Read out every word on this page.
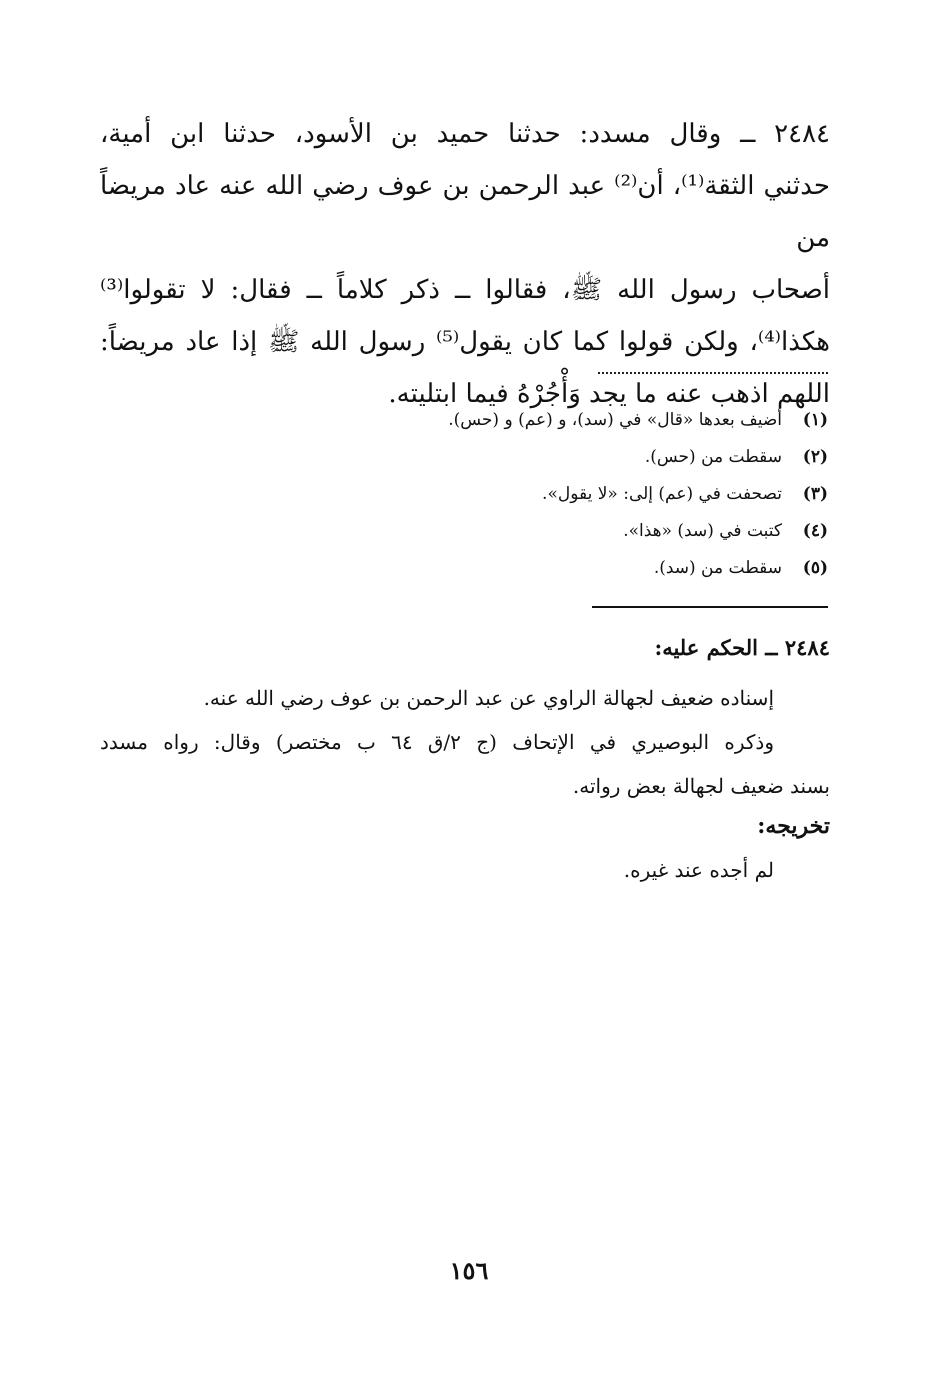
٢٤٨٤ ــ وقال مسدد: حدثنا حميد بن الأسود، حدثنا ابن أمية،
حدثني الثقة⁽¹⁾، أن⁽²⁾ عبد الرحمن بن عوف رضي الله عنه عاد مريضاً من
أصحاب رسول الله ﷺ، فقالوا ــ ذكر كلاماً ــ فقال: لا تقولوا⁽³⁾
هكذا⁽⁴⁾، ولكن قولوا كما كان يقول⁽⁵⁾ رسول الله ﷺ إذا عاد مريضاً:
اللهم اذهب عنه ما يجد وَأْجُرْهُ فيما ابتليته.
(١)
أضيف بعدها «قال» في (سد)، و (عم) و (حس).
(٢)
سقطت من (حس).
(٣)
تصحفت في (عم) إلى: «لا يقول».
(٤)
كتبت في (سد) «هذا».
(٥)
سقطت من (سد).
٢٤٨٤ ــ الحكم عليه:
إسناده ضعيف لجهالة الراوي عن عبد الرحمن بن عوف رضي الله عنه.
وذكره البوصيري في الإتحاف (ج ٢/ق ٦٤ ب مختصر) وقال: رواه مسدد
بسند ضعيف لجهالة بعض رواته.
تخريجه:
لم أجده عند غيره.
١٥٦
